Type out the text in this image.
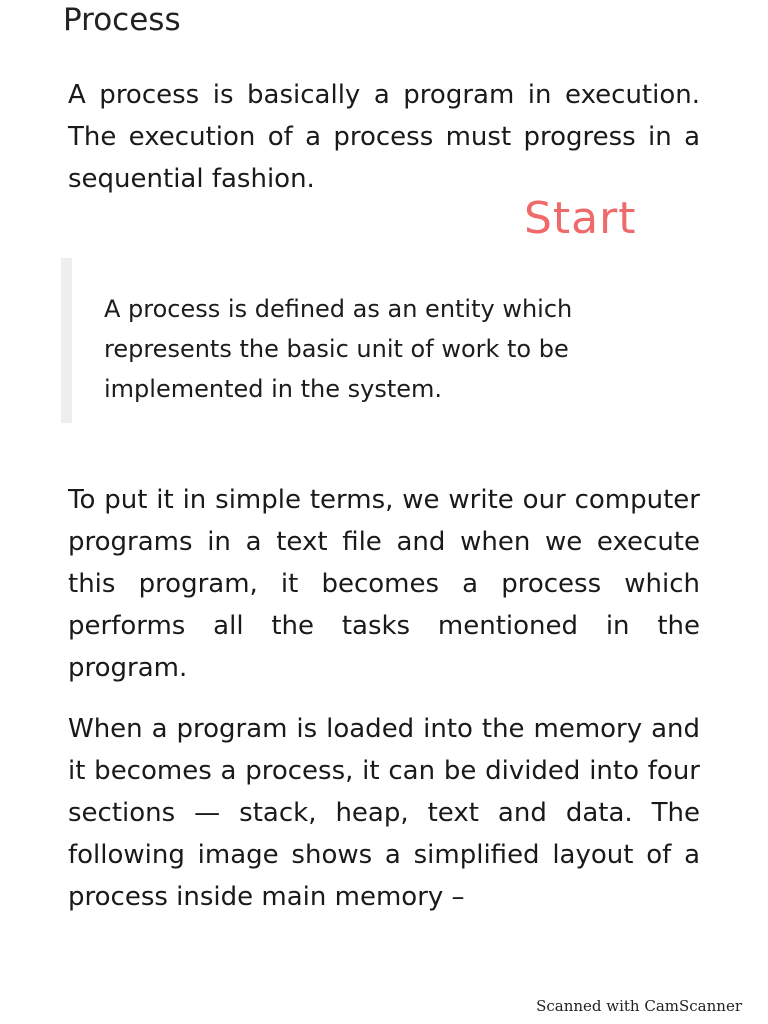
Process

A process is basically a program in execution. The execution of a process must progress in a sequential fashion.

Start

A process is defined as an entity which represents the basic unit of work to be implemented in the system.

To put it in simple terms, we write our computer programs in a text file and when we execute this program, it becomes a process which performs all the tasks mentioned in the program.

When a program is loaded into the memory and it becomes a process, it can be divided into four sections — stack, heap, text and data. The following image shows a simplified layout of a process inside main memory –

Scanned with CamScanner
